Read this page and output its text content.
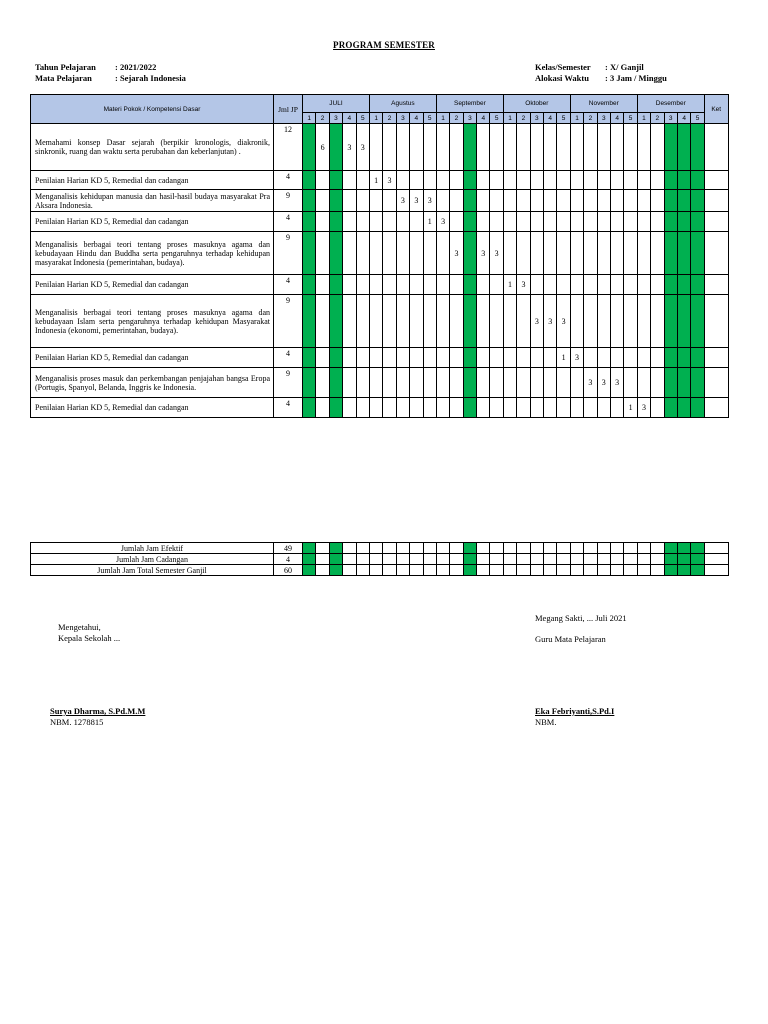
PROGRAM SEMESTER
Tahun Pelajaran : 2021/2022
Mata Pelajaran	: Sejarah Indonesia
Kelas/Semester : X/ Ganjil
Alokasi Waktu : 3 Jam / Minggu
Materi Pokok / Kompetensi Dasar	Jml JP	JULI					Agustus					September					Oktober					November					Desember					Ket
		1	2	3	4	5	1	2	3	4	5	1	2	3	4	5	1	2	3	4	5	1	2	3	4	5	1	2	3	4	5	
Memahami konsep Dasar sejarah (berpikir kronologis, diakronik, sinkronik, ruang dan waktu serta perubahan dan keberlanjutan) .	12		6		3	3																										
Penilaian Harian KD 5, Remedial dan cadangan	4						1	3																								
Menganalisis kehidupan manusia dan hasil-hasil budaya masyarakat Pra Aksara Indonesia.	9								3	3	3																					
Penilaian Harian KD 5, Remedial dan cadangan	4										1	3																				
Menganalisis berbagai teori tentang proses masuknya agama dan kebudayaan Hindu dan Buddha serta pengaruhnya terhadap kehidupan masyarakat Indonesia (pemerintahan, budaya).	9												3		3	3																
Penilaian Harian KD 5, Remedial dan cadangan	4																1	3														
Menganalisis berbagai teori tentang proses masuknya agama dan kebudayaan Islam serta pengaruhnya terhadap kehidupan Masyarakat Indonesia (ekonomi, pemerintahan, budaya).	9																		3	3	3											
Penilaian Harian KD 5, Remedial dan cadangan	4																				1	3										
Menganalisis proses masuk dan perkembangan penjajahan bangsa Eropa (Portugis, Spanyol, Belanda, Inggris ke Indonesia.	9																						3	3	3							
Penilaian Harian KD 5, Remedial dan cadangan	4																									1	3					
Jumlah Jam Efektif	49																															
Jumlah Jam Cadangan	4																															
Jumlah Jam Total Semester Ganjil	60																															
Mengetahui,
Kepala Sekolah ...
Megang Sakti, ... Juli 2021
Guru Mata Pelajaran
Surya Dharma, S.Pd.M.M
NBM. 1278815
Eka Febriyanti,S.Pd.I
NBM.
